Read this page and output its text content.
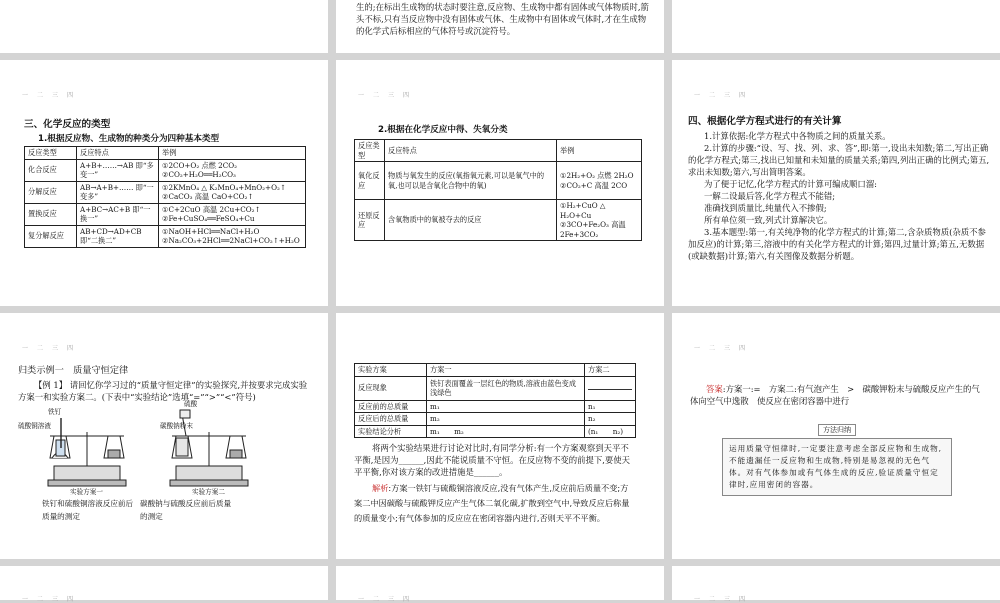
生的;在标出生成物的状态时要注意,反应物、生成物中都有固体或气体物质时,箭头不标,只有当反应物中没有固体或气体、生成物中有固体或气体时,才在生成物的化学式后标相应的气体符号或沉淀符号。
一 二 三 四
三、化学反应的类型
1.根据反应物、生成物的种类分为四种基本类型
反应类型	反应特点	举例
化合反应	A+B+……→AB 即“多变一”	①2CO+O₂ 点燃 2CO₂ ②CO₂+H₂O══H₂CO₃
分解反应	AB→A+B+…… 即“一变多”	①2KMnO₄ △ K₂MnO₄+MnO₂+O₂↑ ②CaCO₃ 高温 CaO+CO₂↑
置换反应	A+BC→AC+B 即“一换一”	①C+2CuO 高温 2Cu+CO₂↑ ②Fe+CuSO₄══FeSO₄+Cu
复分解反应	AB+CD→AD+CB 即“二换二”	①NaOH+HCl══NaCl+H₂O ②Na₂CO₃+2HCl══2NaCl+CO₂↑+H₂O
一 二 三 四
2.根据在化学反应中得、失氧分类
反应类型	反应特点	举例
氧化反应	物质与氧发生的反应(氧指氧元素,可以是氧气中的氧,也可以是含氧化合物中的氧)	①2H₂+O₂ 点燃 2H₂O ②CO₂+C 高温 2CO
还原反应	含氧物质中的氧被夺去的反应	①H₂+CuO △ H₂O+Cu ②3CO+Fe₂O₃ 高温 2Fe+3CO₂
一 二 三 四
四、根据化学方程式进行的有关计算

1.计算依据:化学方程式中各物质之间的质量关系。

2.计算的步骤:“设、写、找、列、求、答”,即:第一,设出未知数;第二,写出正确的化学方程式;第三,找出已知量和未知量的质量关系;第四,列出正确的比例式;第五,求出未知数;第六,写出简明答案。

为了便于记忆,化学方程式的计算可编成顺口溜:

一解二设最后答,化学方程式不能错;

准确找到质量比,纯量代入不掺假;

所有单位须一致,列式计算解决它。

3.基本题型:第一,有关纯净物的化学方程式的计算;第二,含杂质物质(杂质不参加反应)的计算;第三,溶液中的有关化学方程式的计算;第四,过量计算;第五,无数据(或缺数据)计算;第六,有关图像及数据分析题。

一 二 三 四
归类示例一　质量守恒定律

【例 1】 请回忆你学习过的“质量守恒定律”的实验探究,并按要求完成实验方案一和实验方案二。(下表中“实验结论”选填“=”“>”“<”符号)

铁钉
硫酸铜溶液
硫酸
碳酸钠粉末
实验方案一	实验方案二
铁钉和硫酸铜溶液反应前后质量的测定
碳酸钠与硫酸反应前后质量的测定
实验方案	方案一	方案二
反应现象	铁钉表面覆盖一层红色的物质,溶液由蓝色变成浅绿色	
反应前的总质量	m₁	n₁
反应后的总质量	m₂	n₂
实验结论分析	m₁　　m₂	(n₁　　n₂)

将两个实验结果进行讨论对比时,有同学分析:有一个方案观察到天平不平衡,是因为______,因此不能说质量不守恒。在反应物不变的前提下,要使天平平衡,你对该方案的改进措施是______。

解析:方案一铁钉与硫酸铜溶液反应,没有气体产生,反应前后质量不变;方案二中因碳酸与硫酸钾反应产生气体二氧化碳,扩散到空气中,导致反应后称量的质量变小;有气体参加的反应应在密闭容器内进行,否则天平不平衡。

一 二 三 四

答案:方案一:=　方案二:有气泡产生　>　碳酸钾粉末与硫酸反应产生的气体向空气中逸散　使反应在密闭容器中进行

方法归纳
运用质量守恒律时,一定要注意考虑全部反应物和生成物,不能遗漏任一反应物和生成物,特别是易忽视的无色气体。对有气体参加或有气体生成的反应,验证质量守恒定律时,应用密闭的容器。
一 二 三 四	一 二 三 四	一 二 三 四
